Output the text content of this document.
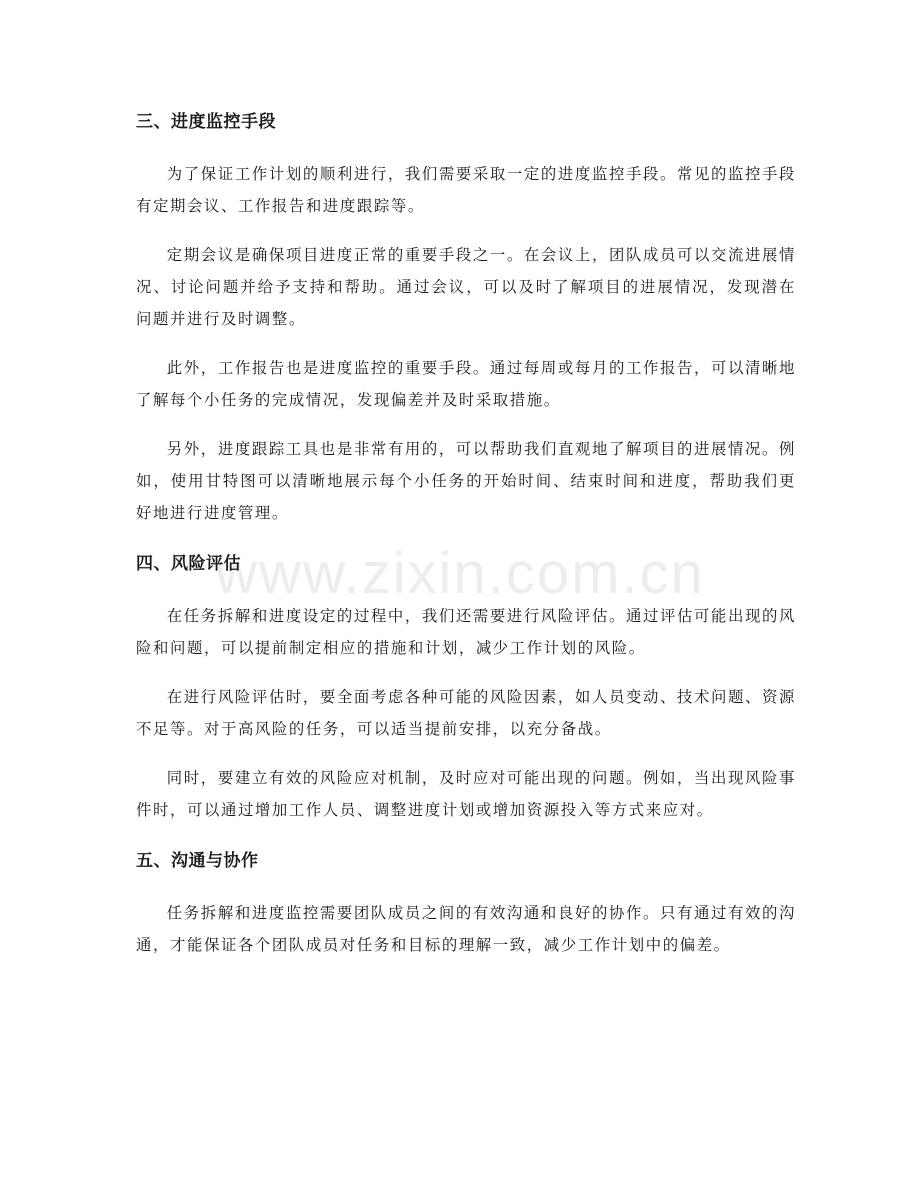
www.zixin.com.cn
三、进度监控手段

为了保证工作计划的顺利进行，我们需要采取一定的进度监控手段。常见的监控手段有定期会议、工作报告和进度跟踪等。

定期会议是确保项目进度正常的重要手段之一。在会议上，团队成员可以交流进展情况、讨论问题并给予支持和帮助。通过会议，可以及时了解项目的进展情况，发现潜在问题并进行及时调整。

此外，工作报告也是进度监控的重要手段。通过每周或每月的工作报告，可以清晰地了解每个小任务的完成情况，发现偏差并及时采取措施。

另外，进度跟踪工具也是非常有用的，可以帮助我们直观地了解项目的进展情况。例如，使用甘特图可以清晰地展示每个小任务的开始时间、结束时间和进度，帮助我们更好地进行进度管理。

四、风险评估

在任务拆解和进度设定的过程中，我们还需要进行风险评估。通过评估可能出现的风险和问题，可以提前制定相应的措施和计划，减少工作计划的风险。

在进行风险评估时，要全面考虑各种可能的风险因素，如人员变动、技术问题、资源不足等。对于高风险的任务，可以适当提前安排，以充分备战。

同时，要建立有效的风险应对机制，及时应对可能出现的问题。例如，当出现风险事件时，可以通过增加工作人员、调整进度计划或增加资源投入等方式来应对。

五、沟通与协作

任务拆解和进度监控需要团队成员之间的有效沟通和良好的协作。只有通过有效的沟通，才能保证各个团队成员对任务和目标的理解一致，减少工作计划中的偏差。
